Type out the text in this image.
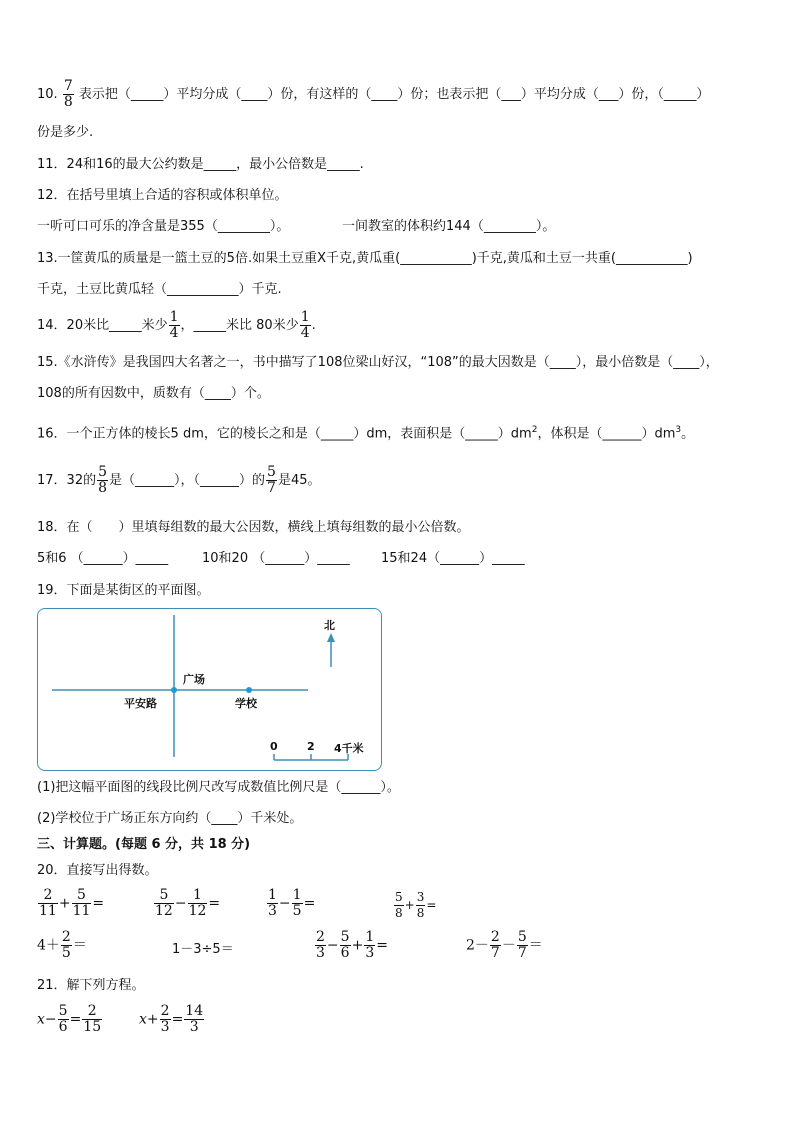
10. $\frac{7}{8}$ 表示把（_____）平均分成（____）份，有这样的（____）份；也表示把（___）平均分成（___）份，（_____）
份是多少.
11．24和16的最大公约数是_____，最小公倍数是_____.
12．在括号里填上合适的容积或体积单位。
一听可口可乐的净含量是355（________）。	一间教室的体积约144（________）。
13.一筐黄瓜的质量是一篮土豆的5倍.如果土豆重X千克,黄瓜重(___________)千克,黄瓜和土豆一共重(___________)
千克，土豆比黄瓜轻（___________）千克.
14．20米比_____米少 $\frac{1}{4}$ ，_____米比 80米少 $\frac{1}{4}$ .
15.《水浒传》是我国四大名著之一，书中描写了108位梁山好汉，“108”的最大因数是（____），最小倍数是（____），
108的所有因数中，质数有（____）个。
16．一个正方体的棱长5 dm，它的棱长之和是（_____）dm，表面积是$(\_\_\_\_\_)dm^2$，体积是$(\_\_\_\_\_\_)dm^3$。
17．32的 $\frac{5}{8}$ 是（______），（______）的 $\frac{5}{7}$ 是45。
18．在（　　）里填每组数的最大公因数，横线上填每组数的最小公倍数。
5和6 （______）_____	10和20 （______）_____ 15和24（______）_____
19．下面是某街区的平面图。
北
广场
平安路	学校
0	2 4千米
(1)把这幅平面图的线段比例尺改写成数值比例尺是（______）。
(2)学校位于广场正东方向约（____）千米处。
三、计算题。(每题 6 分，共 18 分)
20．直接写出得数。
$\frac{2}{11} + \frac{5}{11}$ =	$\frac{5}{12} - \frac{1}{12}$ =	$\frac{1}{3} - \frac{1}{5}$ =	$\frac{5}{8} + \frac{3}{8}$ =
$4+ \frac{2}{5}$ ＝	1－3÷5＝	$\frac{2}{3} - \frac{5}{6} + \frac{1}{3}$ =	$2- \frac{2}{7} - \frac{5}{7}$ ＝
21．解下列方程。
$x- \frac{5}{6} = \frac{2}{15}$	$x+ \frac{2}{3} = \frac{14}{3}$
